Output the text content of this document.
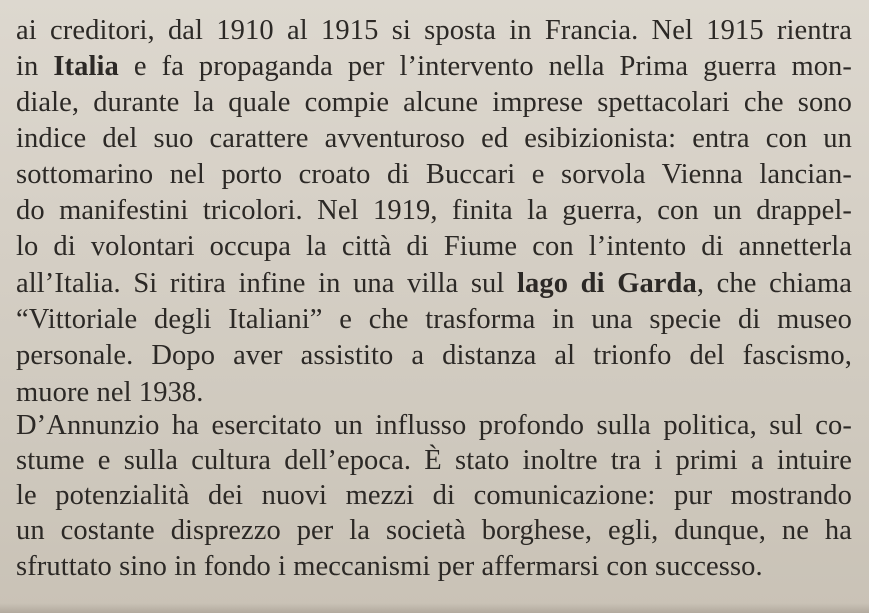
ai creditori, dal 1910 al 1915 si sposta in Francia. Nel 1915 rientra
in Italia e fa propaganda per l’intervento nella Prima guerra mon-
diale, durante la quale compie alcune imprese spettacolari che sono
indice del suo carattere avventuroso ed esibizionista: entra con un
sottomarino nel porto croato di Buccari e sorvola Vienna lancian-
do manifestini tricolori. Nel 1919, finita la guerra, con un drappel-
lo di volontari occupa la città di Fiume con l’intento di annetterla
all’Italia. Si ritira infine in una villa sul lago di Garda, che chiama
“Vittoriale degli Italiani” e che trasforma in una specie di museo
personale. Dopo aver assistito a distanza al trionfo del fascismo,
muore nel 1938.
D’Annunzio ha esercitato un influsso profondo sulla politica, sul co-
stume e sulla cultura dell’epoca. È stato inoltre tra i primi a intuire
le potenzialità dei nuovi mezzi di comunicazione: pur mostrando
un costante disprezzo per la società borghese, egli, dunque, ne ha
sfruttato sino in fondo i meccanismi per affermarsi con successo.
